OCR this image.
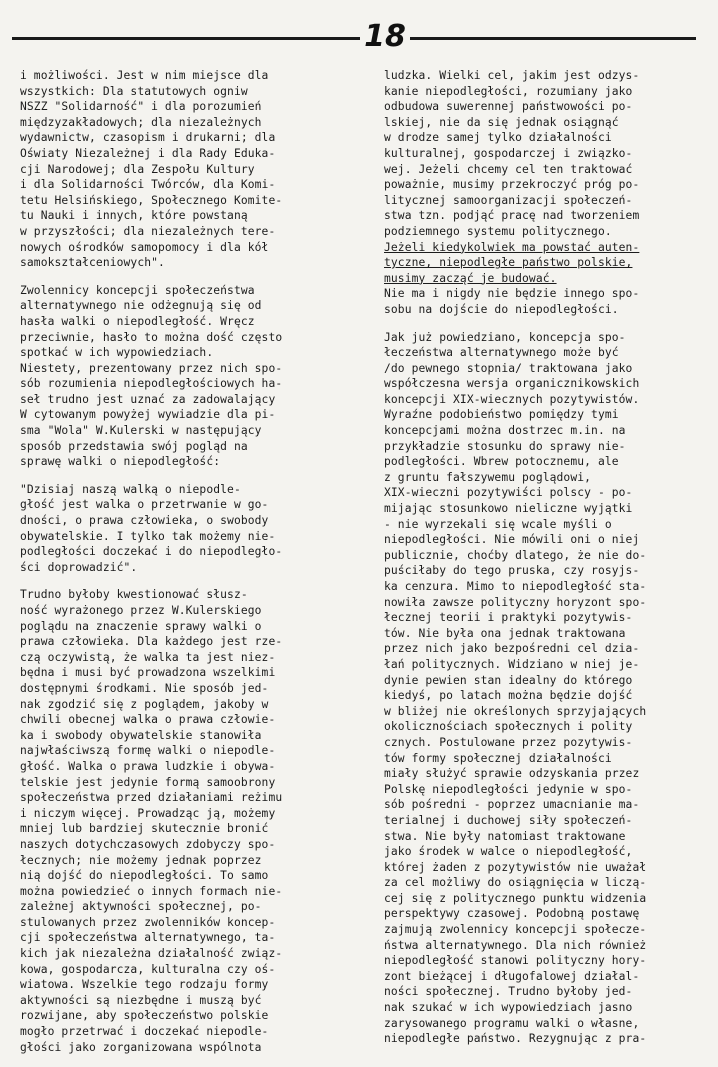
18
i możliwości. Jest w nim miejsce dla
wszystkich: Dla statutowych ogniw
NSZZ "Solidarność" i dla porozumień
międzyzakładowych; dla niezależnych
wydawnictw, czasopism i drukarni; dla
Oświaty Niezależnej i dla Rady Eduka-
cji Narodowej; dla Zespołu Kultury
i dla Solidarności Twórców, dla Komi-
tetu Helsińskiego, Społecznego Komite-
tu Nauki i innych, które powstaną
w przyszłości; dla niezależnych tere-
nowych ośrodków samopomocy i dla kół
samokształceniowych".
Zwolennicy koncepcji społeczeństwa
alternatywnego nie odżegnują się od
hasła walki o niepodległość. Wręcz
przeciwnie, hasło to można dość często
spotkać w ich wypowiedziach.
Niestety, prezentowany przez nich spo-
sób rozumienia niepodległościowych ha-
seł trudno jest uznać za zadowalający
W cytowanym powyżej wywiadzie dla pi-
sma "Wola" W.Kulerski w następujący
sposób przedstawia swój pogląd na
sprawę walki o niepodległość:
"Dzisiaj naszą walką o niepodle-
głość jest walka o przetrwanie w go-
dności, o prawa człowieka, o swobody
obywatelskie. I tylko tak możemy nie-
podległości doczekać i do niepodległo-
ści doprowadzić".
Trudno byłoby kwestionować słusz-
ność wyrażonego przez W.Kulerskiego
poglądu na znaczenie sprawy walki o
prawa człowieka. Dla każdego jest rze-
czą oczywistą, że walka ta jest niez-
będna i musi być prowadzona wszelkimi
dostępnymi środkami. Nie sposób jed-
nak zgodzić się z poglądem, jakoby w
chwili obecnej walka o prawa człowie-
ka i swobody obywatelskie stanowiła
najwłaściwszą formę walki o niepodle-
głość. Walka o prawa ludzkie i obywa-
telskie jest jedynie formą samoobrony
społeczeństwa przed działaniami reżimu
i niczym więcej. Prowadząc ją, możemy
mniej lub bardziej skutecznie bronić
naszych dotychczasowych zdobyczy spo-
łecznych; nie możemy jednak poprzez
nią dojść do niepodległości. To samo
można powiedzieć o innych formach nie-
zależnej aktywności społecznej, po-
stulowanych przez zwolenników koncep-
cji społeczeństwa alternatywnego, ta-
kich jak niezależna działalność związ-
kowa, gospodarcza, kulturalna czy oś-
wiatowa. Wszelkie tego rodzaju formy
aktywności są niezbędne i muszą być
rozwijane, aby społeczeństwo polskie
mogło przetrwać i doczekać niepodle-
głości jako zorganizowana wspólnota
ludzka. Wielki cel, jakim jest odzys-
kanie niepodległości, rozumiany jako
odbudowa suwerennej państwowości po-
lskiej, nie da się jednak osiągnąć
w drodze samej tylko działalności
kulturalnej, gospodarczej i związko-
wej. Jeżeli chcemy cel ten traktować
poważnie, musimy przekroczyć próg po-
litycznej samoorganizacji społeczeń-
stwa tzn. podjąć pracę nad tworzeniem
podziemnego systemu politycznego.
Jeżeli kiedykolwiek ma powstać auten-
tyczne, niepodległe państwo polskie,
musimy zacząć je budować.
Nie ma i nigdy nie będzie innego spo-
sobu na dojście do niepodległości.
Jak już powiedziano, koncepcja spo-
łeczeństwa alternatywnego może być
/do pewnego stopnia/ traktowana jako
współczesna wersja organicznikowskich
koncepcji XIX-wiecznych pozytywistów.
Wyraźne podobieństwo pomiędzy tymi
koncepcjami można dostrzec m.in. na
przykładzie stosunku do sprawy nie-
podległości. Wbrew potocznemu, ale
z gruntu fałszywemu poglądowi,
XIX-wieczni pozytywiści polscy - po-
mijając stosunkowo nieliczne wyjątki
- nie wyrzekali się wcale myśli o
niepodległości. Nie mówili oni o niej
publicznie, choćby dlatego, że nie do-
puściłaby do tego pruska, czy rosyjs-
ka cenzura. Mimo to niepodległość sta-
nowiła zawsze polityczny horyzont spo-
łecznej teorii i praktyki pozytywis-
tów. Nie była ona jednak traktowana
przez nich jako bezpośredni cel dzia-
łań politycznych. Widziano w niej je-
dynie pewien stan idealny do którego
kiedyś, po latach można będzie dojść
w bliżej nie określonych sprzyjających
okolicznościach społecznych i polity
cznych. Postulowane przez pozytywis-
tów formy społecznej działalności
miały służyć sprawie odzyskania przez
Polskę niepodległości jedynie w spo-
sób pośredni - poprzez umacnianie ma-
terialnej i duchowej siły społeczeń-
stwa. Nie były natomiast traktowane
jako środek w walce o niepodległość,
której żaden z pozytywistów nie uważał
za cel możliwy do osiągnięcia w liczą-
cej się z politycznego punktu widzenia
perspektywy czasowej. Podobną postawę
zajmują zwolennicy koncepcji społecze-
ństwa alternatywnego. Dla nich również
niepodległość stanowi polityczny hory-
zont bieżącej i długofalowej działal-
ności społecznej. Trudno byłoby jed-
nak szukać w ich wypowiedziach jasno
zarysowanego programu walki o własne,
niepodległe państwo. Rezygnując z pra-
